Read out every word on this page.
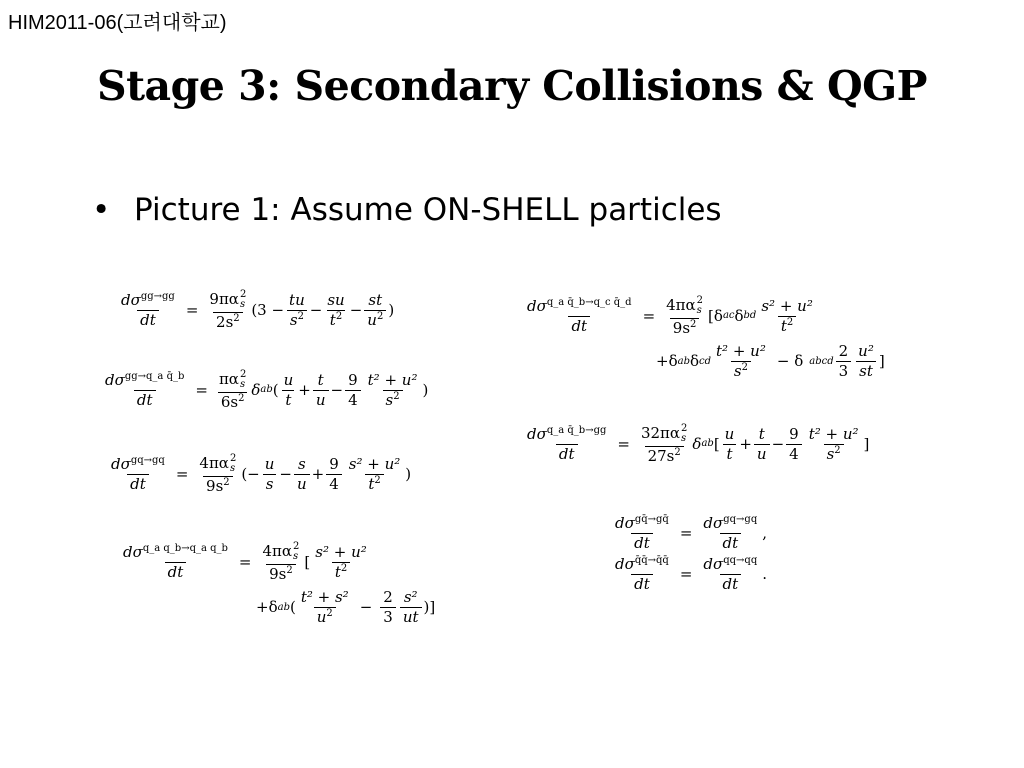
HIM2011-06(고려대학교)
Stage 3: Secondary Collisions & QGP
• Picture 1: Assume ON-SHELL particles
$\frac{d\sigma^{gg\to gg}}{dt} = 9\pi\alpha$ 2
s
$2s^2$ ($3 - \frac{tu}{s^2} - \frac{su}{t^2} - \frac{st}{u^2}$ )
$\frac{d\sigma^{gg\to q\_a q̄\_b}}{dt} = \pi\alpha$ 2
s
$6s^2$ δ ab ( $\frac{u}{t} + \frac{t}{u} - \frac{9}{4} \frac{\text{t² + u²}}{s^2}$ )
$\frac{d\sigma^{gq\to gq}}{dt} = 4\pi\alpha$ 2
s
$9s^2$ (− $\frac{u}{s} - \frac{s}{u} + \frac{9}{4} \frac{\text{s² + u²}}{t^2}$ )
$\frac{d\sigma^{q\_a q\_b\to q\_a q\_b}}{dt} = 4\pi\alpha$ 2
s
$9s^2$ [ $\frac{\text{s² + u²}}{t^2}$
+δ ab ( $\frac{\text{t² + s²}}{u^2} - \frac{2}{3} \frac{\text{s²}}{ut}$ )]
$\frac{d\sigma^{q\_a q̄\_b\to q\_c q̄\_d}}{dt} = 4\pi\alpha$ 2
s
$9s^2$ [δ ac δ bd $\frac{\text{s² + u²}}{t^2}$
+δ ab δ cd $\frac{\text{t² + u²}}{s^2} - \delta$ abcd $\frac{2}{3} \frac{\text{u²}}{st}$ ]
$\frac{d\sigma^{q\_a q̄\_b\to gg}}{dt} = 32\pi\alpha$ 2
s
$27s^2$ δ ab [ $\frac{u}{t} + \frac{t}{u} - \frac{9}{4} \frac{\text{t² + u²}}{s^2}$ ]
$\frac{d\sigma^{gq̄\to gq̄}}{dt} = \frac{d\sigma^{gq\to gq}}{dt}$ ,
$\frac{d\sigma^{q̄q̄\to q̄q̄}}{dt} = \frac{d\sigma^{qq\to qq}}{dt}$ .
